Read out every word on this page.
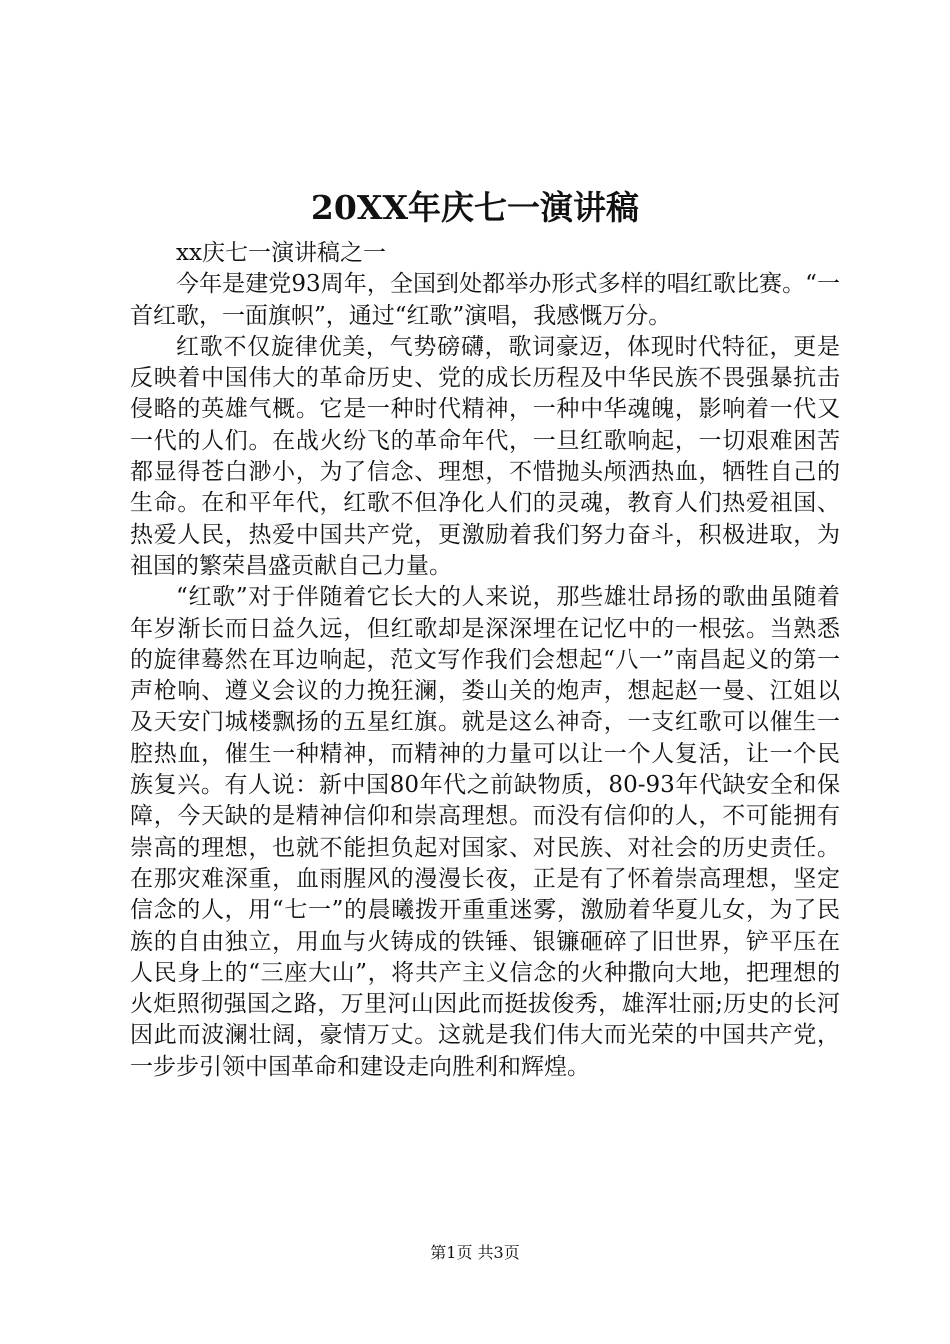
20XX年庆七一演讲稿

xx庆七一演讲稿之一

今年是建党93周年，全国到处都举办形式多样的唱红歌比赛。“一首红歌，一面旗帜”，通过“红歌”演唱，我感慨万分。

红歌不仅旋律优美，气势磅礴，歌词豪迈，体现时代特征，更是反映着中国伟大的革命历史、党的成长历程及中华民族不畏强暴抗击侵略的英雄气概。它是一种时代精神，一种中华魂魄，影响着一代又一代的人们。在战火纷飞的革命年代，一旦红歌响起，一切艰难困苦都显得苍白渺小，为了信念、理想，不惜抛头颅洒热血，牺牲自己的生命。在和平年代，红歌不但净化人们的灵魂，教育人们热爱祖国、热爱人民，热爱中国共产党，更激励着我们努力奋斗，积极进取，为祖国的繁荣昌盛贡献自己力量。

“红歌”对于伴随着它长大的人来说，那些雄壮昂扬的歌曲虽随着年岁渐长而日益久远，但红歌却是深深埋在记忆中的一根弦。当熟悉的旋律蓦然在耳边响起，范文写作我们会想起“八一”南昌起义的第一声枪响、遵义会议的力挽狂澜，娄山关的炮声，想起赵一曼、江姐以及天安门城楼飘扬的五星红旗。就是这么神奇，一支红歌可以催生一腔热血，催生一种精神，而精神的力量可以让一个人复活，让一个民族复兴。有人说：新中国80年代之前缺物质，80-93年代缺安全和保障，今天缺的是精神信仰和崇高理想。而没有信仰的人，不可能拥有崇高的理想，也就不能担负起对国家、对民族、对社会的历史责任。在那灾难深重，血雨腥风的漫漫长夜，正是有了怀着崇高理想，坚定信念的人，用“七一”的晨曦拨开重重迷雾，激励着华夏儿女，为了民族的自由独立，用血与火铸成的铁锤、银镰砸碎了旧世界，铲平压在人民身上的“三座大山”，将共产主义信念的火种撒向大地，把理想的火炬照彻强国之路，万里河山因此而挺拔俊秀，雄浑壮丽;历史的长河因此而波澜壮阔，豪情万丈。这就是我们伟大而光荣的中国共产党，一步步引领中国革命和建设走向胜利和辉煌。

第1页 共3页
